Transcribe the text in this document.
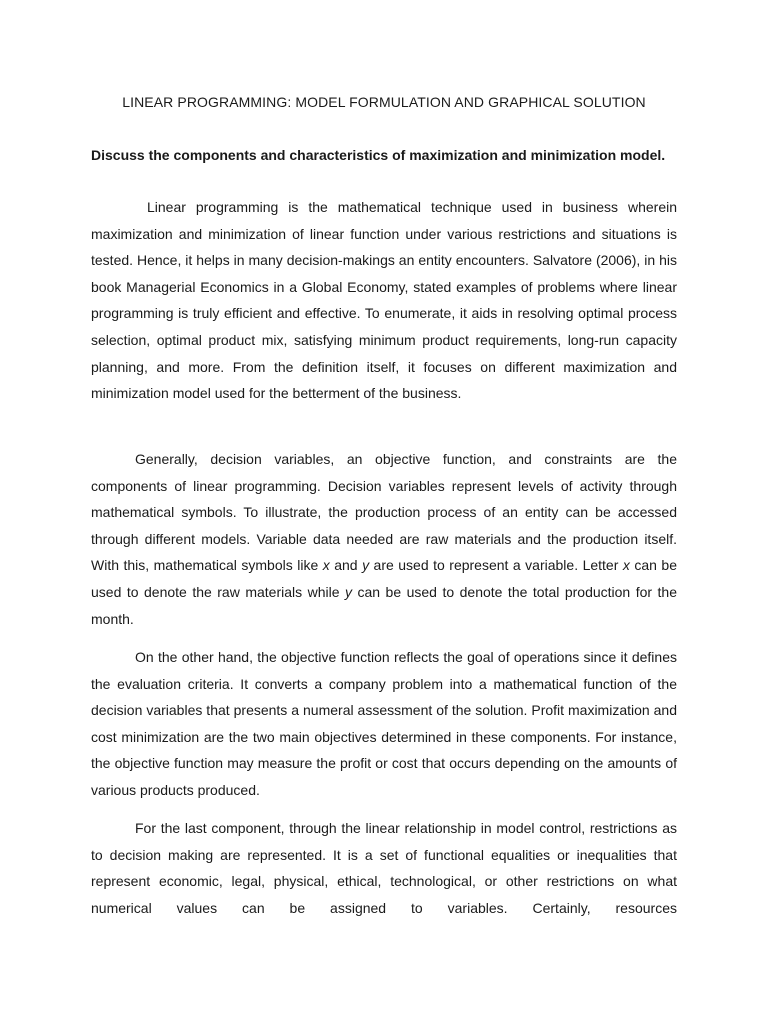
LINEAR PROGRAMMING: MODEL FORMULATION AND GRAPHICAL SOLUTION
Discuss the components and characteristics of maximization and minimization model.

Linear programming is the mathematical technique used in business wherein maximization and minimization of linear function under various restrictions and situations is tested. Hence, it helps in many decision-makings an entity encounters. Salvatore (2006), in his book Managerial Economics in a Global Economy, stated examples of problems where linear programming is truly efficient and effective. To enumerate, it aids in resolving optimal process selection, optimal product mix, satisfying minimum product requirements, long-run capacity planning, and more. From the definition itself, it focuses on different maximization and minimization model used for the betterment of the business.

Generally, decision variables, an objective function, and constraints are the components of linear programming. Decision variables represent levels of activity through mathematical symbols. To illustrate, the production process of an entity can be accessed through different models. Variable data needed are raw materials and the production itself. With this, mathematical symbols like x and y are used to represent a variable. Letter x can be used to denote the raw materials while y can be used to denote the total production for the month.

On the other hand, the objective function reflects the goal of operations since it defines the evaluation criteria. It converts a company problem into a mathematical function of the decision variables that presents a numeral assessment of the solution. Profit maximization and cost minimization are the two main objectives determined in these components. For instance, the objective function may measure the profit or cost that occurs depending on the amounts of various products produced.

For the last component, through the linear relationship in model control, restrictions as to decision making are represented. It is a set of functional equalities or inequalities that represent economic, legal, physical, ethical, technological, or other restrictions on what numerical values can be assigned to variables. Certainly, resources
